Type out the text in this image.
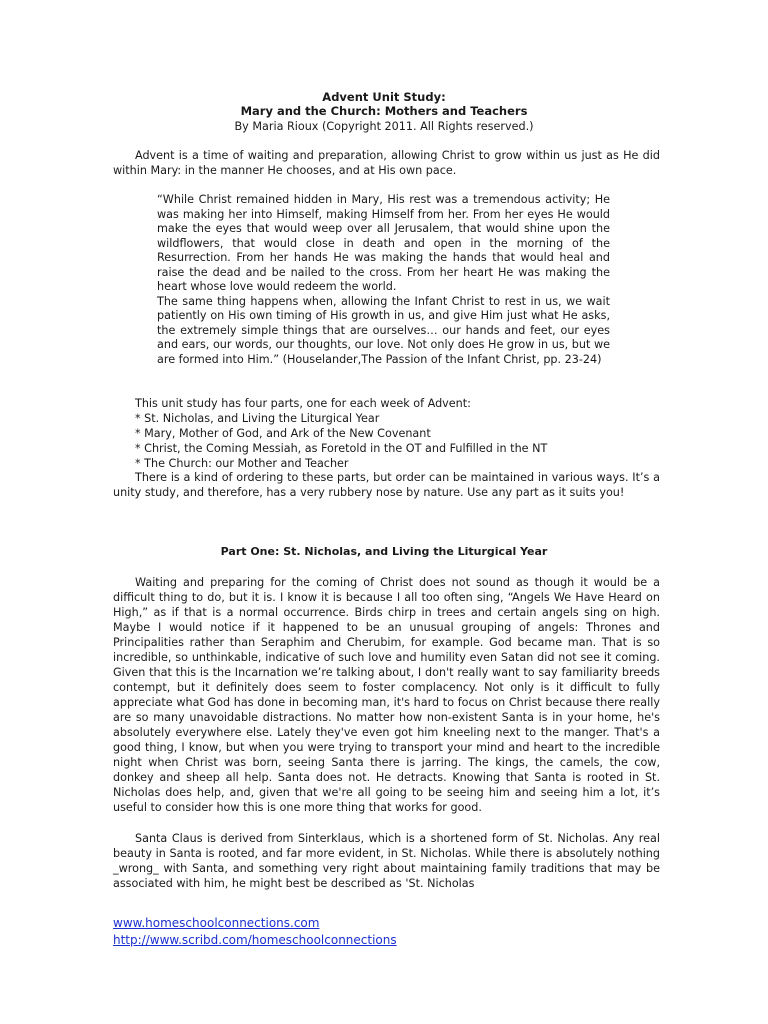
Advent Unit Study:
Mary and the Church: Mothers and Teachers
By Maria Rioux (Copyright 2011. All Rights reserved.)

Advent is a time of waiting and preparation, allowing Christ to grow within us just as He did within Mary: in the manner He chooses, and at His own pace.

“While Christ remained hidden in Mary, His rest was a tremendous activity; He was making her into Himself, making Himself from her. From her eyes He would make the eyes that would weep over all Jerusalem, that would shine upon the wildflowers, that would close in death and open in the morning of the Resurrection. From her hands He was making the hands that would heal and raise the dead and be nailed to the cross. From her heart He was making the heart whose love would redeem the world.

The same thing happens when, allowing the Infant Christ to rest in us, we wait patiently on His own timing of His growth in us, and give Him just what He asks, the extremely simple things that are ourselves… our hands and feet, our eyes and ears, our words, our thoughts, our love. Not only does He grow in us, but we are formed into Him.” (Houselander,The Passion of the Infant Christ, pp. 23-24)

This unit study has four parts, one for each week of Advent:
* St. Nicholas, and Living the Liturgical Year
* Mary, Mother of God, and Ark of the New Covenant
* Christ, the Coming Messiah, as Foretold in the OT and Fulfilled in the NT
* The Church: our Mother and Teacher

There is a kind of ordering to these parts, but order can be maintained in various ways. It’s a unity study, and therefore, has a very rubbery nose by nature. Use any part as it suits you!

Part One: St. Nicholas, and Living the Liturgical Year

Waiting and preparing for the coming of Christ does not sound as though it would be a difficult thing to do, but it is. I know it is because I all too often sing, “Angels We Have Heard on High,” as if that is a normal occurrence. Birds chirp in trees and certain angels sing on high. Maybe I would notice if it happened to be an unusual grouping of angels: Thrones and Principalities rather than Seraphim and Cherubim, for example. God became man. That is so incredible, so unthinkable, indicative of such love and humility even Satan did not see it coming. Given that this is the Incarnation we’re talking about, I don't really want to say familiarity breeds contempt, but it definitely does seem to foster complacency. Not only is it difficult to fully appreciate what God has done in becoming man, it's hard to focus on Christ because there really are so many unavoidable distractions. No matter how non-existent Santa is in your home, he's absolutely everywhere else. Lately they've even got him kneeling next to the manger. That's a good thing, I know, but when you were trying to transport your mind and heart to the incredible night when Christ was born, seeing Santa there is jarring. The kings, the camels, the cow, donkey and sheep all help. Santa does not. He detracts. Knowing that Santa is rooted in St. Nicholas does help, and, given that we're all going to be seeing him and seeing him a lot, it’s useful to consider how this is one more thing that works for good.

Santa Claus is derived from Sinterklaus, which is a shortened form of St. Nicholas. Any real beauty in Santa is rooted, and far more evident, in St. Nicholas. While there is absolutely nothing _wrong_ with Santa, and something very right about maintaining family traditions that may be associated with him, he might best be described as 'St. Nicholas

www.homeschoolconnections.com
http://www.scribd.com/homeschoolconnections
